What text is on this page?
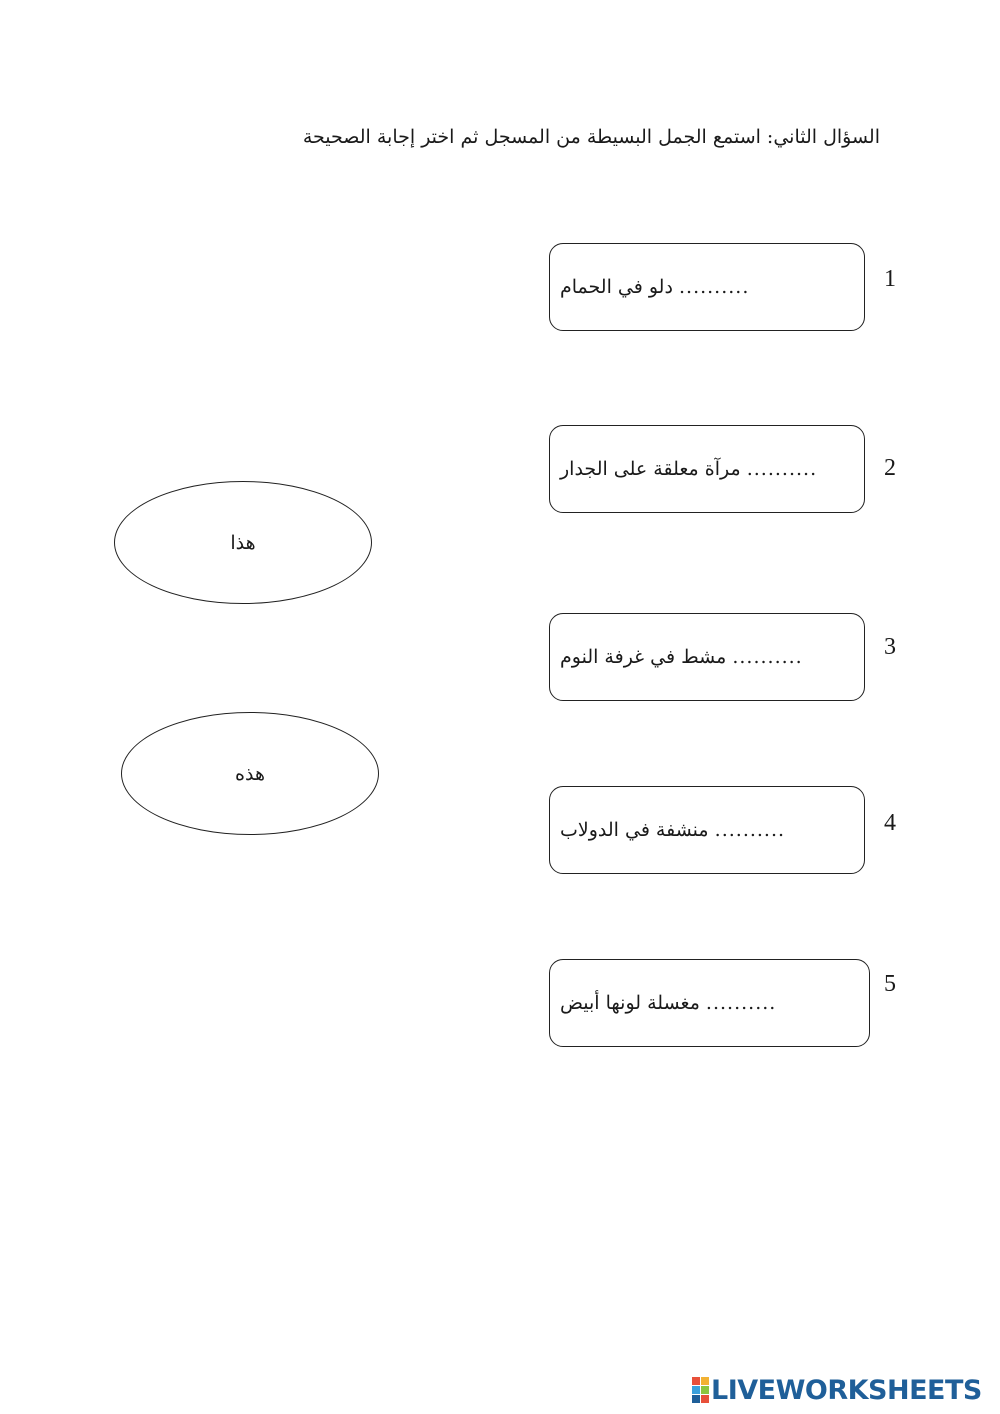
السؤال الثاني: استمع الجمل البسيطة من المسجل ثم اختر إجابة الصحيحة
..........

دلو في الحمام	1
..........

مرآة معلقة على الجدار	2
..........

مشط في غرفة النوم	3
..........

منشفة في الدولاب	4
..........

مغسلة لونها أبيض
5
هذا
هذه
LIVEWORKSHEETS
